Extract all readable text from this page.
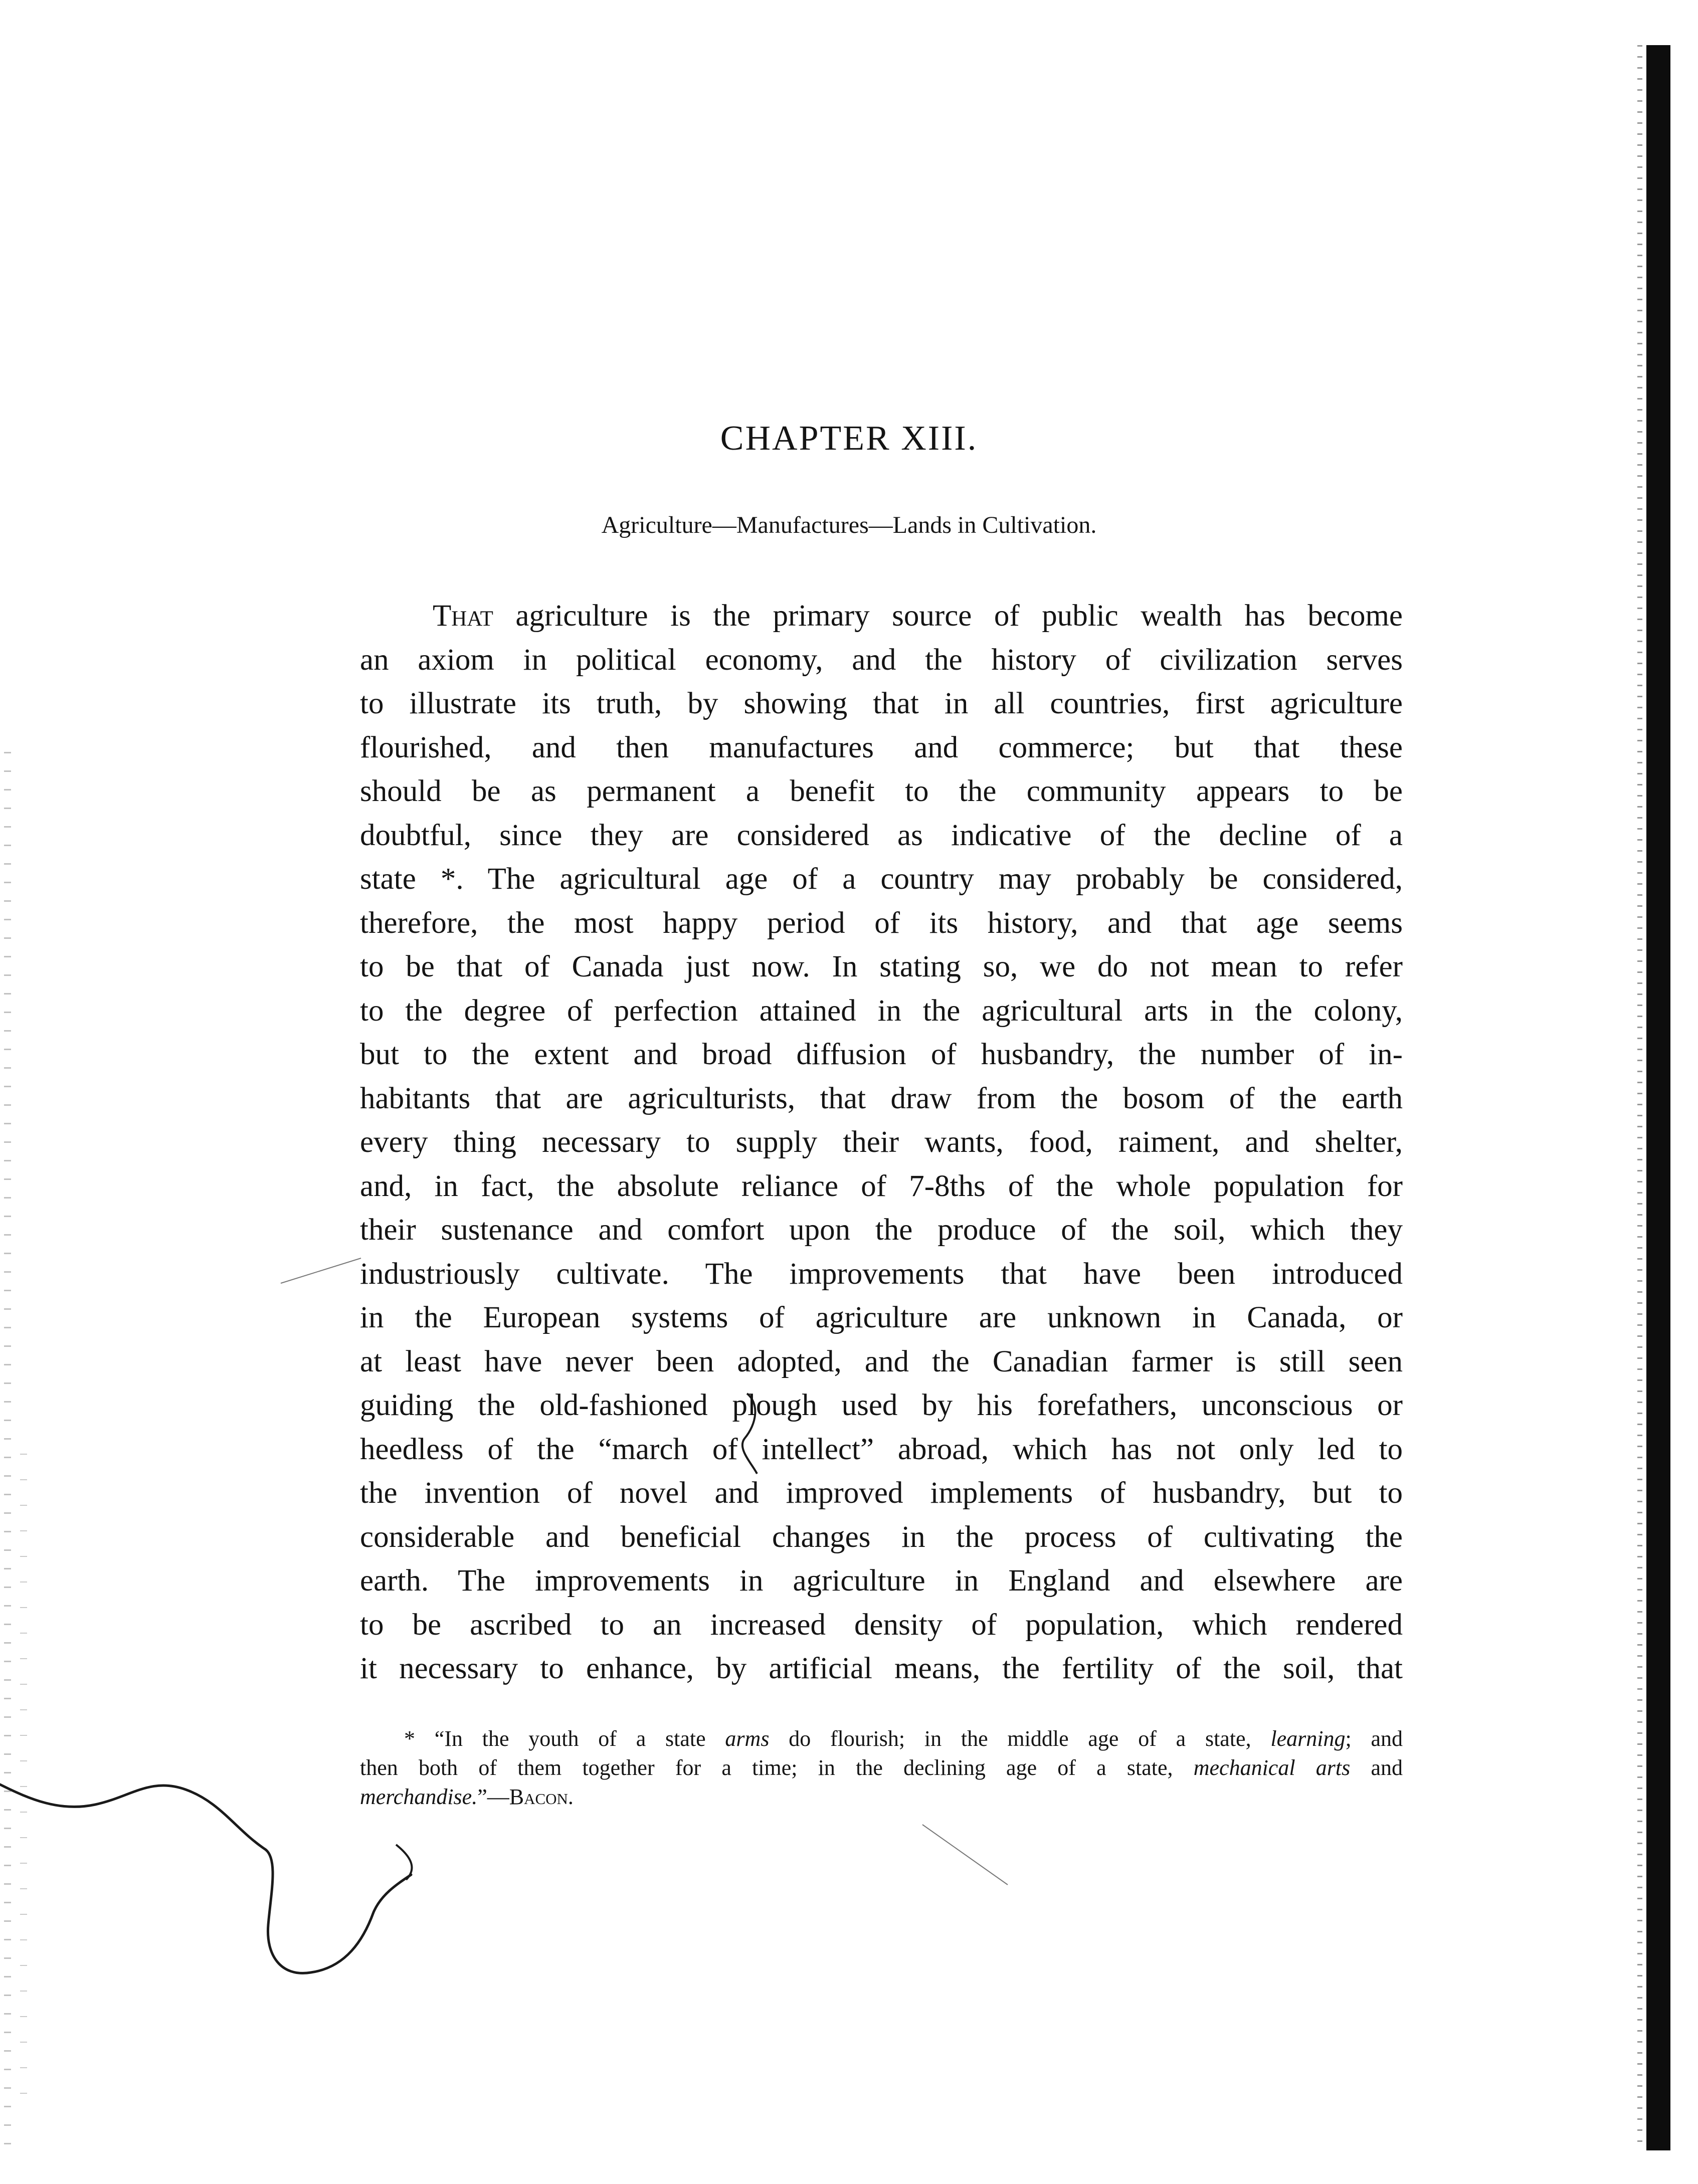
CHAPTER XIII.

Agriculture—Manufactures—Lands in Cultivation.

That agriculture is the primary source of public wealth has become
an axiom in political economy, and the history of civilization serves
to illustrate its truth, by showing that in all countries, first agriculture
flourished, and then manufactures and commerce; but that these
should be as permanent a benefit to the community appears to be
doubtful, since they are considered as indicative of the decline of a
state *. The agricultural age of a country may probably be considered,
therefore, the most happy period of its history, and that age seems
to be that of Canada just now. In stating so, we do not mean to refer
to the degree of perfection attained in the agricultural arts in the colony,
but to the extent and broad diffusion of husbandry, the number of in-
habitants that are agriculturists, that draw from the bosom of the earth
every thing necessary to supply their wants, food, raiment, and shelter,
and, in fact, the absolute reliance of 7-8ths of the whole population for
their sustenance and comfort upon the produce of the soil, which they
industriously cultivate. The improvements that have been introduced
in the European systems of agriculture are unknown in Canada, or
at least have never been adopted, and the Canadian farmer is still seen
guiding the old-fashioned plough used by his forefathers, unconscious or
heedless of the “march of intellect” abroad, which has not only led to
the invention of novel and improved implements of husbandry, but to
considerable and beneficial changes in the process of cultivating the
earth. The improvements in agriculture in England and elsewhere are
to be ascribed to an increased density of population, which rendered
it necessary to enhance, by artificial means, the fertility of the soil, that
* “In the youth of a state arms do flourish; in the middle age of a state, learning; and
then both of them together for a time; in the declining age of a state, mechanical arts and
merchandise.”—Bacon.
